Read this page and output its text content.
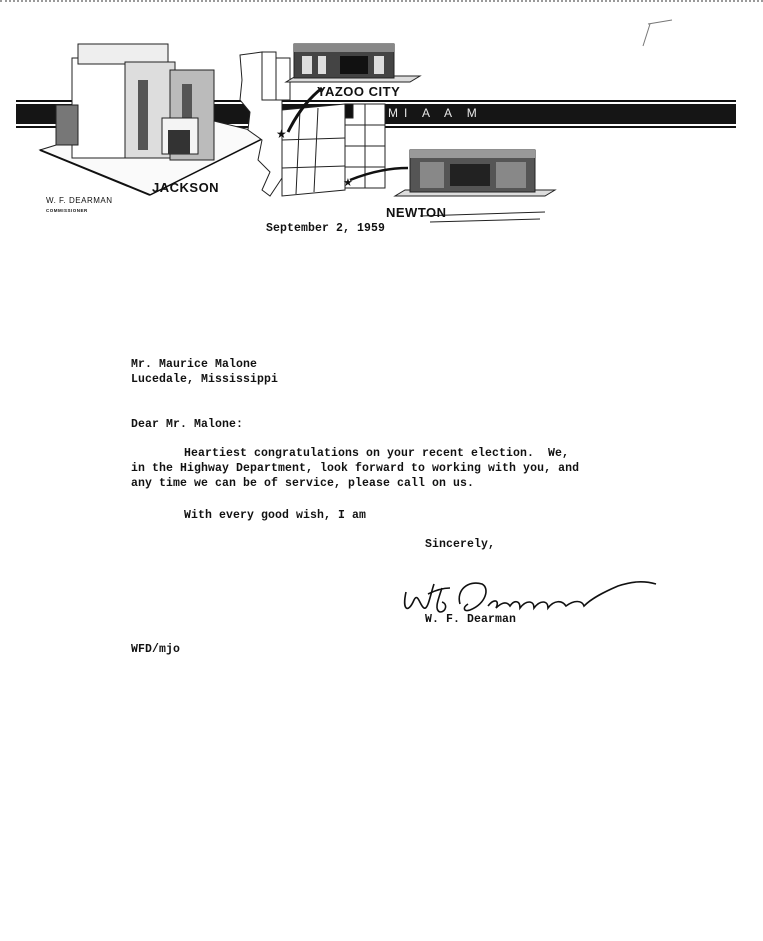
★
★
MI A A M
YAZOO CITY
JACKSON
NEWTON
W. F. DEARMAN
COMMISSIONER
September 2, 1959
Mr. Maurice Malone
Lucedale, Mississippi
Dear Mr. Malone:
Heartiest congratulations on your recent election.  We,
in the Highway Department, look forward to working with you, and
any time we can be of service, please call on us.
With every good wish, I am
Sincerely,
W. F. Dearman
WFD/mjo
